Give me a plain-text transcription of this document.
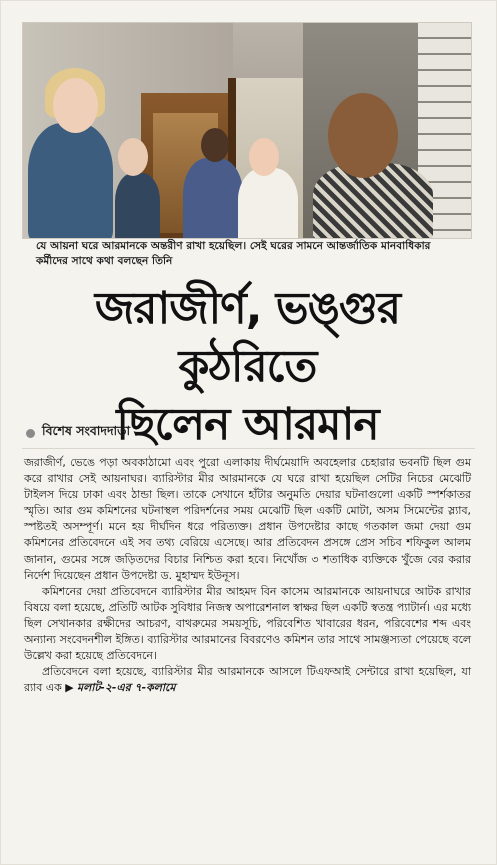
যে আয়না ঘরে আরমানকে অন্তরীণ রাখা হয়েছিল। সেই ঘরের সামনে আন্তর্জাতিক মানবাধিকার কর্মীদের সাথে কথা বলছেন তিনি
জরাজীর্ণ, ভঙ্গুর কুঠরিতে
ছিলেন আরমান
বিশেষ সংবাদদাতা

জরাজীর্ণ, ভেঙে পড়া অবকাঠামো এবং পুরো এলাকায় দীর্ঘমেয়াদি অবহেলার চেহারার ভবনটি ছিল গুম করে রাখার সেই আয়নাঘর। ব্যারিস্টার মীর আরমানকে যে ঘরে রাখা হয়েছিল সেটির নিচের মেঝেটি টাইলস দিয়ে ঢাকা এবং ঠান্ডা ছিল। তাকে সেখানে হাঁটার অনুমতি দেয়ার ঘটনাগুলো একটি স্পর্শকাতর স্মৃতি। আর গুম কমিশনের ঘটনাস্থল পরিদর্শনের সময় মেঝেটি ছিল একটি মোটা, অসম সিমেন্টের স্ল্যাব, স্পষ্টতই অসম্পূর্ণ। মনে হয় দীর্ঘদিন ধরে পরিত্যক্ত। প্রধান উপদেষ্টার কাছে গতকাল জমা দেয়া গুম কমিশনের প্রতিবেদনে এই সব তথ্য বেরিয়ে এসেছে। আর প্রতিবেদন প্রসঙ্গে প্রেস সচিব শফিকুল আলম জানান, গুমের সঙ্গে জড়িতদের বিচার নিশ্চিত করা হবে। নিখোঁজ ৩ শতাধিক ব্যক্তিকে খুঁজে বের করার নির্দেশ দিয়েছেন প্রধান উপদেষ্টা ড. মুহাম্মদ ইউনূস।

কমিশনের দেয়া প্রতিবেদনে ব্যারিস্টার মীর আহমদ বিন কাসেম আরমানকে আয়নাঘরে আটক রাখার বিষয়ে বলা হয়েছে, প্রতিটি আটক সুবিধার নিজস্ব অপারেশনাল স্বাক্ষর ছিল একটি স্বতন্ত্র প্যাটার্ন। এর মধ্যে ছিল সেখানকার রক্ষীদের আচরণ, বাথরুমের সময়সূচি, পরিবেশিত খাবারের ধরন, পরিবেশের শব্দ এবং অন্যান্য সংবেদনশীল ইঙ্গিত। ব্যারিস্টার আরমানের বিবরণেও কমিশন তার সাথে সামঞ্জস্যতা পেয়েছে বলে উল্লেখ করা হয়েছে প্রতিবেদনে।

প্রতিবেদনে বলা হয়েছে, ব্যারিস্টার মীর আরমানকে আসলে টিএফআই সেন্টারে রাখা হয়েছিল, যা র‍্যাব এক ▶ মলাট-২-এর ৭-কলামে
